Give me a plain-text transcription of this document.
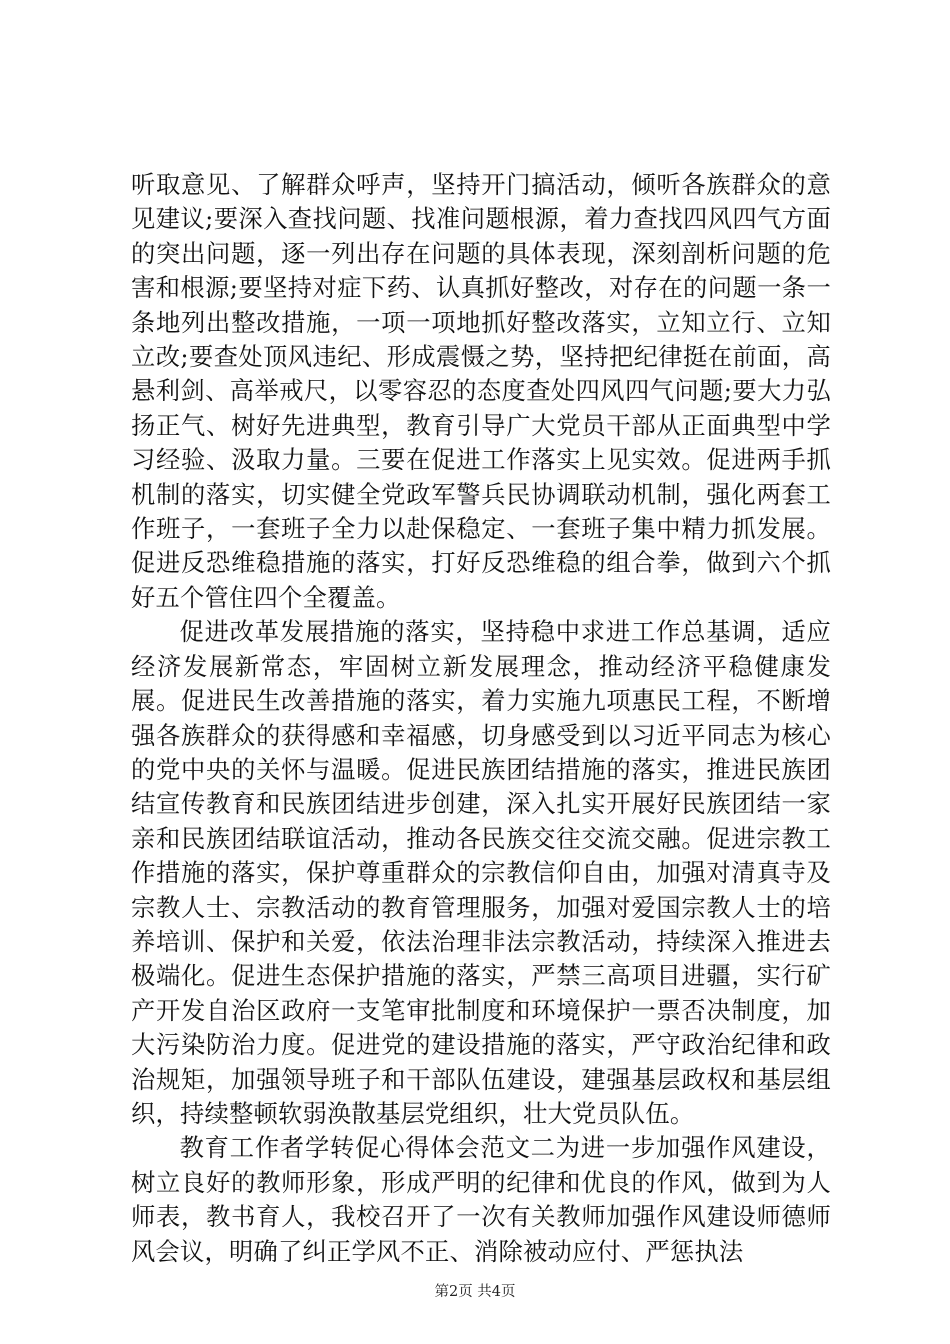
听取意见、了解群众呼声，坚持开门搞活动，倾听各族群众的意见建议;要深入查找问题、找准问题根源，着力查找四风四气方面的突出问题，逐一列出存在问题的具体表现，深刻剖析问题的危害和根源;要坚持对症下药、认真抓好整改，对存在的问题一条一条地列出整改措施，一项一项地抓好整改落实，立知立行、立知立改;要查处顶风违纪、形成震慑之势，坚持把纪律挺在前面，高悬利剑、高举戒尺，以零容忍的态度查处四风四气问题;要大力弘扬正气、树好先进典型，教育引导广大党员干部从正面典型中学习经验、汲取力量。三要在促进工作落实上见实效。促进两手抓机制的落实，切实健全党政军警兵民协调联动机制，强化两套工作班子，一套班子全力以赴保稳定、一套班子集中精力抓发展。促进反恐维稳措施的落实，打好反恐维稳的组合拳，做到六个抓好五个管住四个全覆盖。

促进改革发展措施的落实，坚持稳中求进工作总基调，适应经济发展新常态，牢固树立新发展理念，推动经济平稳健康发展。促进民生改善措施的落实，着力实施九项惠民工程，不断增强各族群众的获得感和幸福感，切身感受到以习近平同志为核心的党中央的关怀与温暖。促进民族团结措施的落实，推进民族团结宣传教育和民族团结进步创建，深入扎实开展好民族团结一家亲和民族团结联谊活动，推动各民族交往交流交融。促进宗教工作措施的落实，保护尊重群众的宗教信仰自由，加强对清真寺及宗教人士、宗教活动的教育管理服务，加强对爱国宗教人士的培养培训、保护和关爱，依法治理非法宗教活动，持续深入推进去极端化。促进生态保护措施的落实，严禁三高项目进疆，实行矿产开发自治区政府一支笔审批制度和环境保护一票否决制度，加大污染防治力度。促进党的建设措施的落实，严守政治纪律和政治规矩，加强领导班子和干部队伍建设，建强基层政权和基层组织，持续整顿软弱涣散基层党组织，壮大党员队伍。

教育工作者学转促心得体会范文二为进一步加强作风建设，树立良好的教师形象，形成严明的纪律和优良的作风，做到为人师表，教书育人，我校召开了一次有关教师加强作风建设师德师风会议，明确了纠正学风不正、消除被动应付、严惩执法

第2页 共4页
